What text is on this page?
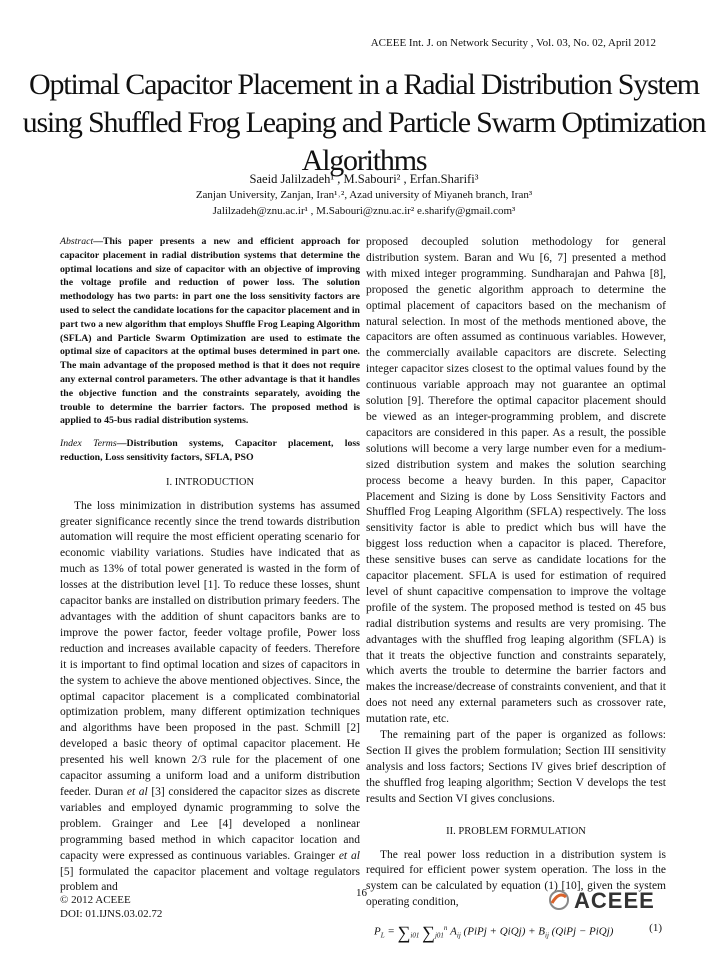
ACEEE Int. J. on Network Security , Vol. 03, No. 02, April 2012
Optimal Capacitor Placement in a Radial Distribution System using Shuffled Frog Leaping and Particle Swarm Optimization Algorithms
Saeid Jalilzadeh¹ , M.Sabouri² , Erfan.Sharifi³
Zanjan University, Zanjan, Iran¹˒², Azad university of Miyaneh branch, Iran³
Jalilzadeh@znu.ac.ir¹ , M.Sabouri@znu.ac.ir² e.sharify@gmail.com³

Abstract—This paper presents a new and efficient approach for capacitor placement in radial distribution systems that determine the optimal locations and size of capacitor with an objective of improving the voltage profile and reduction of power loss. The solution methodology has two parts: in part one the loss sensitivity factors are used to select the candidate locations for the capacitor placement and in part two a new algorithm that employs Shuffle Frog Leaping Algorithm (SFLA) and Particle Swarm Optimization are used to estimate the optimal size of capacitors at the optimal buses determined in part one. The main advantage of the proposed method is that it does not require any external control parameters. The other advantage is that it handles the objective function and the constraints separately, avoiding the trouble to determine the barrier factors. The proposed method is applied to 45-bus radial distribution systems.

Index Terms—Distribution systems, Capacitor placement, loss reduction, Loss sensitivity factors, SFLA, PSO

I. INTRODUCTION

The loss minimization in distribution systems has assumed greater significance recently since the trend towards distribution automation will require the most efficient operating scenario for economic viability variations. Studies have indicated that as much as 13% of total power generated is wasted in the form of losses at the distribution level [1]. To reduce these losses, shunt capacitor banks are installed on distribution primary feeders. The advantages with the addition of shunt capacitors banks are to improve the power factor, feeder voltage profile, Power loss reduction and increases available capacity of feeders. Therefore it is important to find optimal location and sizes of capacitors in the system to achieve the above mentioned objectives. Since, the optimal capacitor placement is a complicated combinatorial optimization problem, many different optimization techniques and algorithms have been proposed in the past. Schmill [2] developed a basic theory of optimal capacitor placement. He presented his well known 2/3 rule for the placement of one capacitor assuming a uniform load and a uniform distribution feeder. Duran et al [3] considered the capacitor sizes as discrete variables and employed dynamic programming to solve the problem. Grainger and Lee [4] developed a nonlinear programming based method in which capacitor location and capacity were expressed as continuous variables. Grainger et al [5] formulated the capacitor placement and voltage regulators problem and

proposed decoupled solution methodology for general distribution system. Baran and Wu [6, 7] presented a method with mixed integer programming. Sundharajan and Pahwa [8], proposed the genetic algorithm approach to determine the optimal placement of capacitors based on the mechanism of natural selection. In most of the methods mentioned above, the capacitors are often assumed as continuous variables. However, the commercially available capacitors are discrete. Selecting integer capacitor sizes closest to the optimal values found by the continuous variable approach may not guarantee an optimal solution [9]. Therefore the optimal capacitor placement should be viewed as an integer-programming problem, and discrete capacitors are considered in this paper. As a result, the possible solutions will become a very large number even for a medium-sized distribution system and makes the solution searching process become a heavy burden. In this paper, Capacitor Placement and Sizing is done by Loss Sensitivity Factors and Shuffled Frog Leaping Algorithm (SFLA) respectively. The loss sensitivity factor is able to predict which bus will have the biggest loss reduction when a capacitor is placed. Therefore, these sensitive buses can serve as candidate locations for the capacitor placement. SFLA is used for estimation of required level of shunt capacitive compensation to improve the voltage profile of the system. The proposed method is tested on 45 bus radial distribution systems and results are very promising. The advantages with the shuffled frog leaping algorithm (SFLA) is that it treats the objective function and constraints separately, which averts the trouble to determine the barrier factors and makes the increase/decrease of constraints convenient, and that it does not need any external parameters such as crossover rate, mutation rate, etc.

The remaining part of the paper is organized as follows: Section II gives the problem formulation; Section III sensitivity analysis and loss factors; Sections IV gives brief description of the shuffled frog leaping algorithm; Section V develops the test results and Section VI gives conclusions.

II. PROBLEM FORMULATION

The real power loss reduction in a distribution system is required for efficient power system operation. The loss in the system can be calculated by equation (1) [10], given the system operating condition,

$P_L = \sum_{i01}$ $\sum_{j01}^n$ $A_{ij}$ (PiPj + QiQj) + $B_{ij}$ (QiPj − PiQj)	(1)
© 2012 ACEEE
DOI: 01.IJNS.03.02.72
16	ACEEE
